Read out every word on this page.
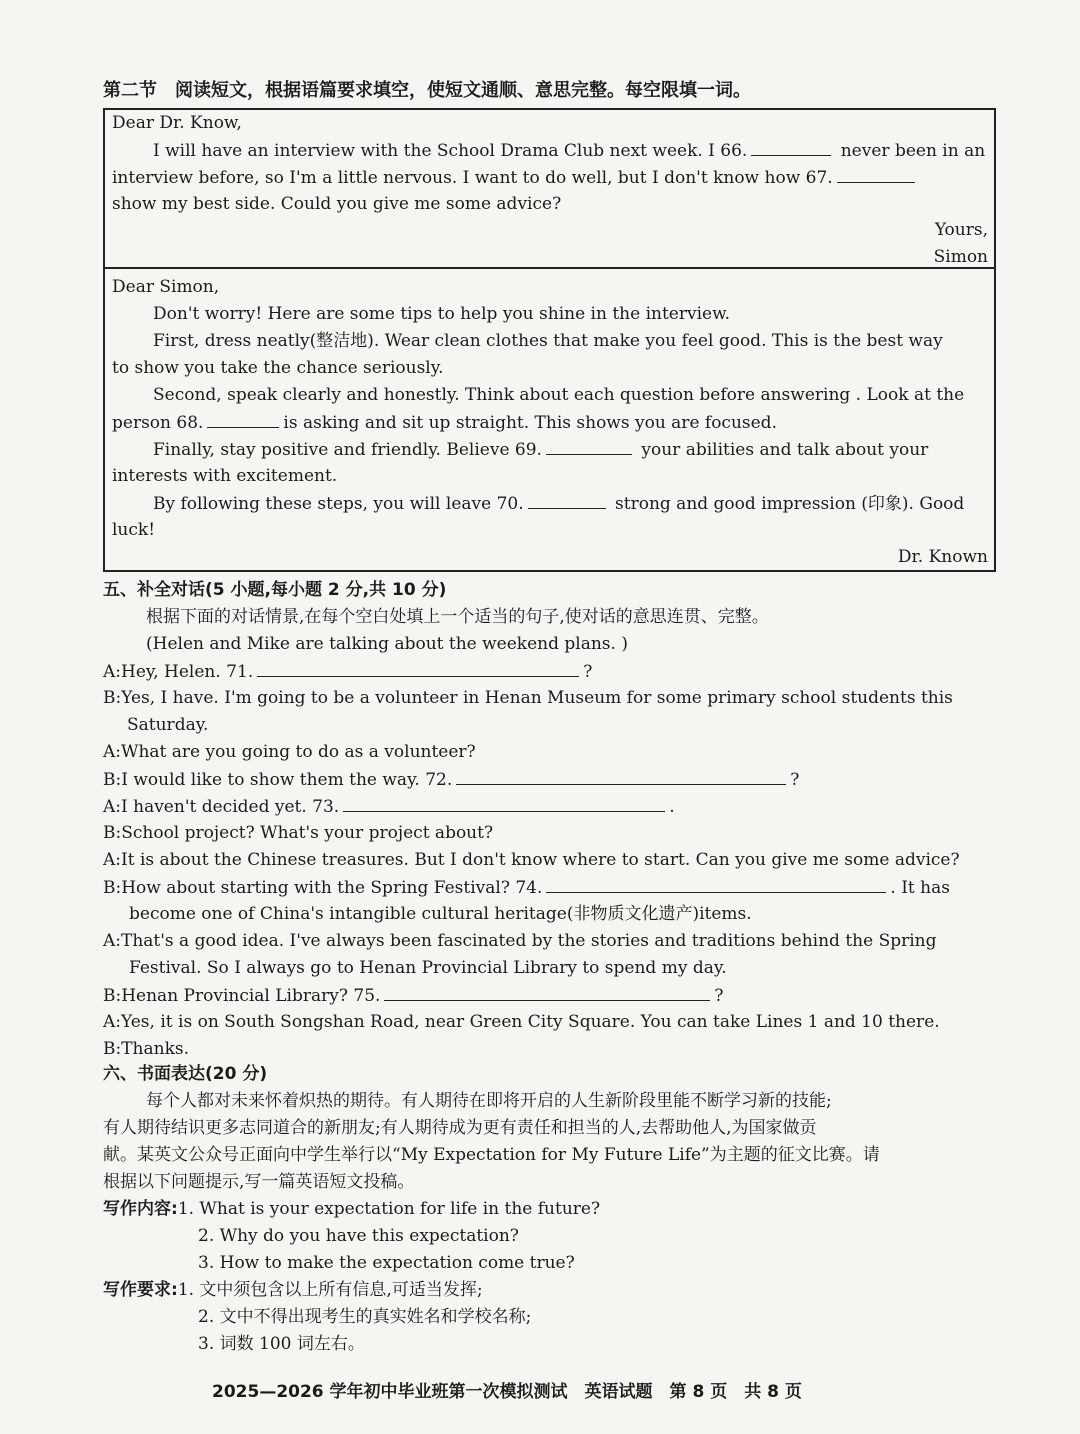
第二节　阅读短文，根据语篇要求填空，使短文通顺、意思完整。每空限填一词。
Dear Dr. Know,
I will have an interview with the School Drama Club next week. I 66.	never been in an
interview before, so I'm a little nervous. I want to do well, but I don't know how 67.
show my best side. Could you give me some advice?
Yours,
Simon
Dear Simon,
Don't worry! Here are some tips to help you shine in the interview.
First, dress neatly(整洁地). Wear clean clothes that make you feel good. This is the best way
to show you take the chance seriously.
Second, speak clearly and honestly. Think about each question before answering . Look at the
person 68.	is asking and sit up straight. This shows you are focused.
Finally, stay positive and friendly. Believe 69.	your abilities and talk about your
interests with excitement.
By following these steps, you will leave 70.	strong and good impression (印象). Good
luck!
Dr. Known
五、补全对话(5 小题,每小题 2 分,共 10 分)
根据下面的对话情景,在每个空白处填上一个适当的句子,使对话的意思连贯、完整。
(Helen and Mike are talking about the weekend plans. )
A:Hey, Helen. 71.	?
B:Yes, I have. I'm going to be a volunteer in Henan Museum for some primary school students this
Saturday.
A:What are you going to do as a volunteer?
B:I would like to show them the way. 72.	?
A:I haven't decided yet. 73.	.
B:School project? What's your project about?
A:It is about the Chinese treasures. But I don't know where to start. Can you give me some advice?
B:How about starting with the Spring Festival? 74.	. It has
become one of China's intangible cultural heritage(非物质文化遗产)items.
A:That's a good idea. I've always been fascinated by the stories and traditions behind the Spring
Festival. So I always go to Henan Provincial Library to spend my day.
B:Henan Provincial Library? 75.	?
A:Yes, it is on South Songshan Road, near Green City Square. You can take Lines 1 and 10 there.
B:Thanks.
六、书面表达(20 分)
每个人都对未来怀着炽热的期待。有人期待在即将开启的人生新阶段里能不断学习新的技能;
有人期待结识更多志同道合的新朋友;有人期待成为更有责任和担当的人,去帮助他人,为国家做贡
献。某英文公众号正面向中学生举行以“My Expectation for My Future Life”为主题的征文比赛。请
根据以下问题提示,写一篇英语短文投稿。
写作内容:1. What is your expectation for life in the future?
2. Why do you have this expectation?
3. How to make the expectation come true?
写作要求:1. 文中须包含以上所有信息,可适当发挥;
2. 文中不得出现考生的真实姓名和学校名称;
3. 词数 100 词左右。
2025—2026 学年初中毕业班第一次模拟测试　英语试题　第 8 页　共 8 页
